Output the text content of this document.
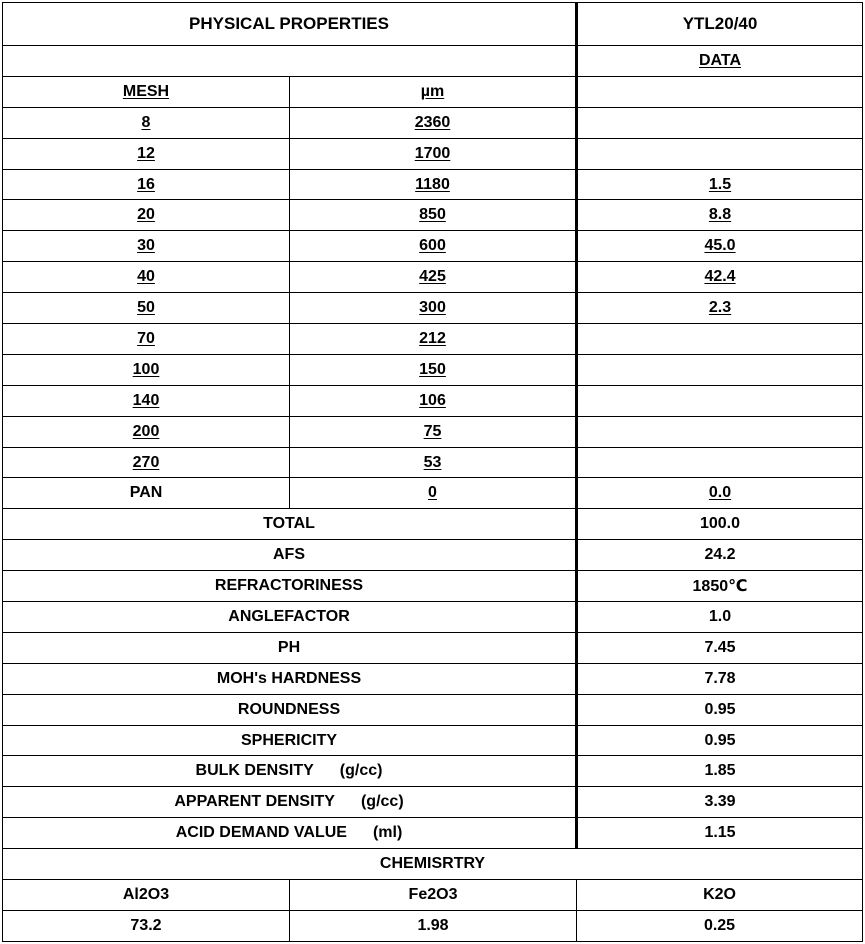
PHYSICAL PROPERTIES		YTL20/40
		DATA
MESH	µm	
8	2360	
12	1700	
16	1180	1.5
20	850	8.8
30	600	45.0
40	425	42.4
50	300	2.3
70	212	
100	150	
140	106	
200	75	
270	53	
PAN	0	0.0
TOTAL		100.0
AFS		24.2
REFRACTORINESS		1850℃
ANGLEFACTOR		1.0
PH		7.45
MOH's HARDNESS		7.78
ROUNDNESS		0.95
SPHERICITY		0.95
BULK DENSITY (g/cc)		1.85
APPARENT DENSITY (g/cc)		3.39
ACID DEMAND VALUE (ml)		1.15
CHEMISRTRY		
Al2O3	Fe2O3	K2O
73.2	1.98	0.25
